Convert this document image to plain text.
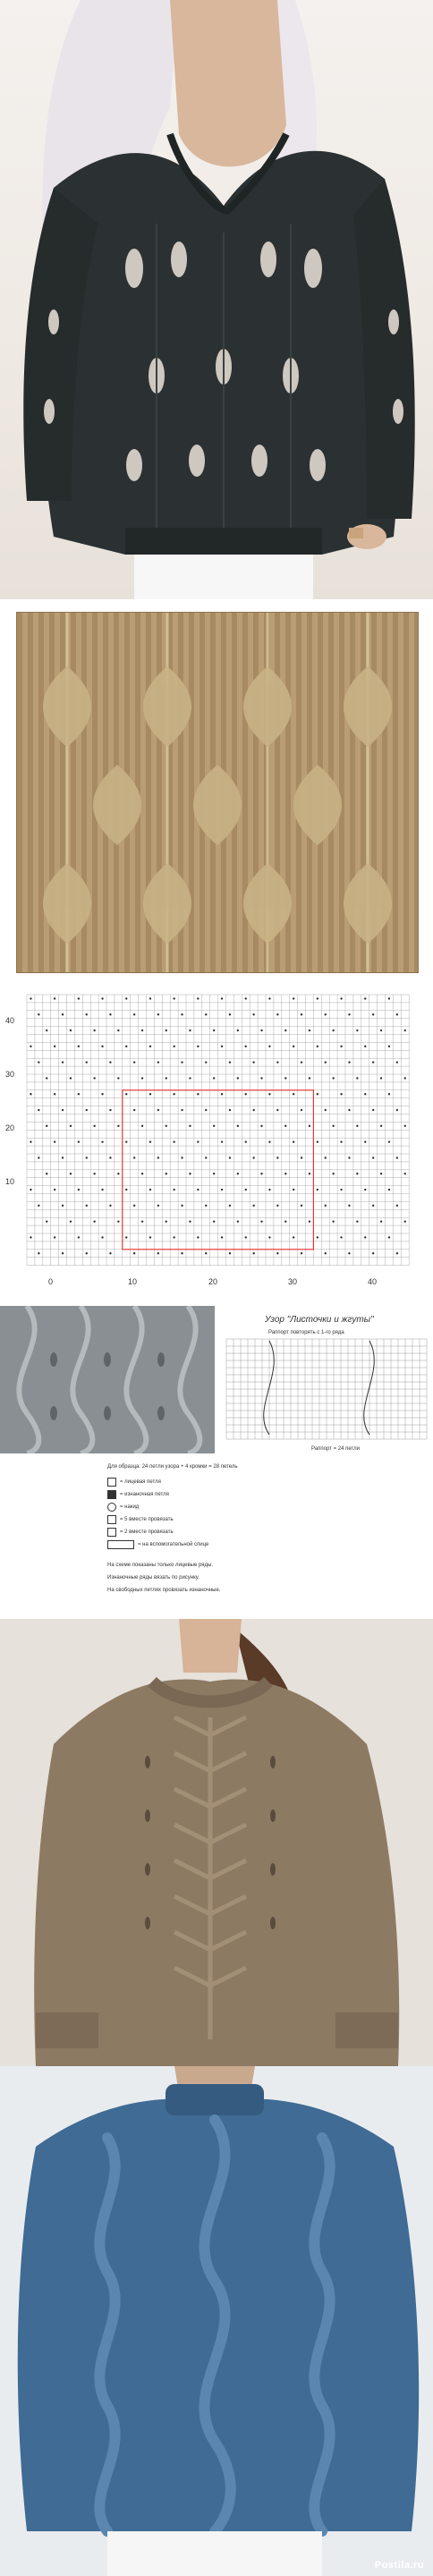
40
30
20
10
0	10	20	30	40
Узор "Листочки и жгуты"
Раппорт повторять с 1-го ряда
Раппорт = 24 петли
Для образца: 24 петли узора + 4 кромки = 28 петель
= лицевая петля
= изнаночная петля
= накид
= 5 вместе провязать
= 2 вместе провязать
= на вспомогательной спице
На схеме показаны только лицевые ряды.
Изнаночные ряды вязать по рисунку.
На свободных петлях провязать изнаночные.
Postila.ru
